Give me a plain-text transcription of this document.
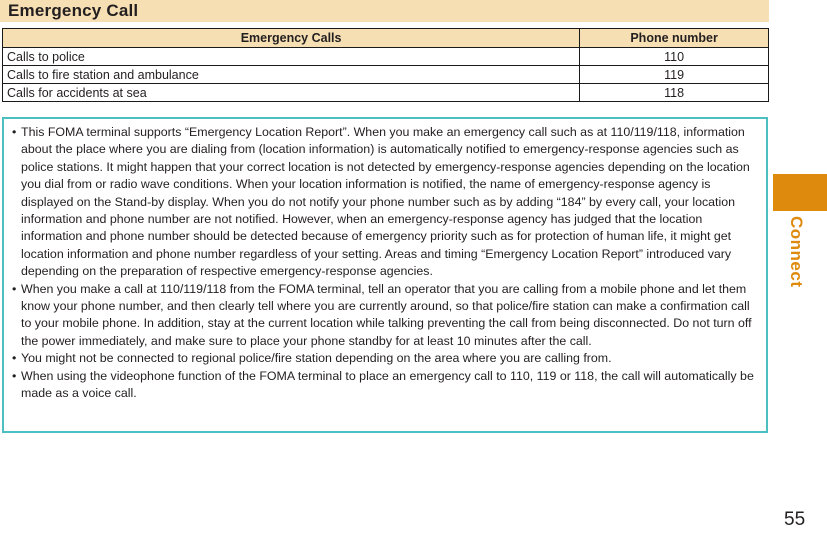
Emergency Call
Emergency Calls	Phone number
Calls to police	110
Calls to fire station and ambulance	119
Calls for accidents at sea	118
• This FOMA terminal supports “Emergency Location Report”. When you make an emergency call such as at 110/119/118, information about the place where you are dialing from (location information) is automatically notified to emergency-response agencies such as police stations. It might happen that your correct location is not detected by emergency-response agencies depending on the location you dial from or radio wave conditions. When your location information is notified, the name of emergency-response agency is displayed on the Stand-by display. When you do not notify your phone number such as by adding “184” by every call, your location information and phone number are not notified. However, when an emergency-response agency has judged that the location information and phone number should be detected because of emergency priority such as for protection of human life, it might get location information and phone number regardless of your setting. Areas and timing “Emergency Location Report” introduced vary depending on the preparation of respective emergency-response agencies.
• When you make a call at 110/119/118 from the FOMA terminal, tell an operator that you are calling from a mobile phone and let them know your phone number, and then clearly tell where you are currently around, so that police/fire station can make a confirmation call to your mobile phone. In addition, stay at the current location while talking preventing the call from being disconnected. Do not turn off the power immediately, and make sure to place your phone standby for at least 10 minutes after the call.
• You might not be connected to regional police/fire station depending on the area where you are calling from.
• When using the videophone function of the FOMA terminal to place an emergency call to 110, 119 or 118, the call will automatically be made as a voice call.
Connect
55
